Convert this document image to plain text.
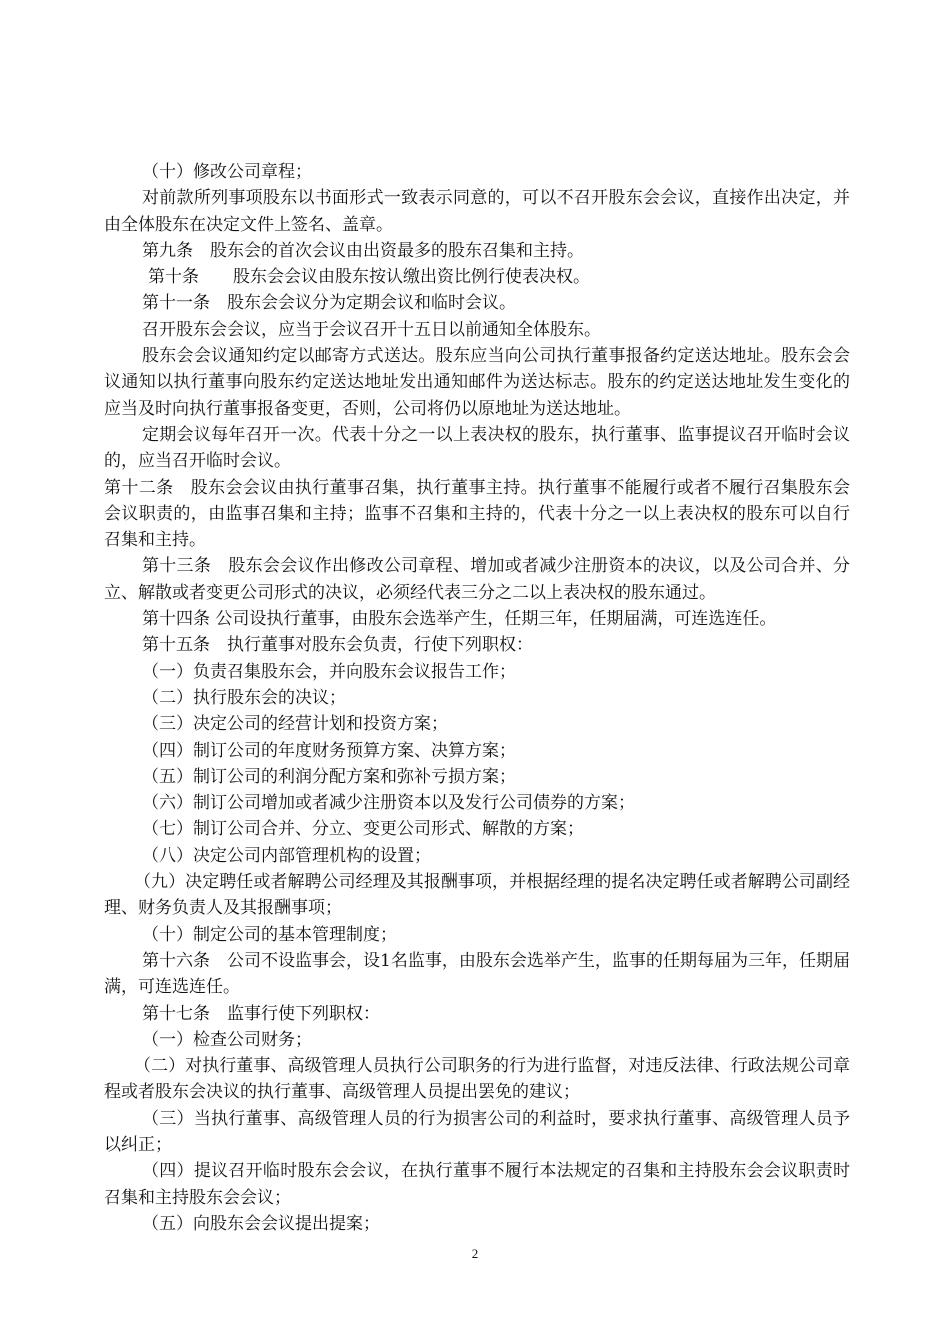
（十）修改公司章程；

对前款所列事项股东以书面形式一致表示同意的，可以不召开股东会会议，直接作出决定，并由全体股东在决定文件上签名、盖章。

第九条　股东会的首次会议由出资最多的股东召集和主持。

第十条　　股东会会议由股东按认缴出资比例行使表决权。

第十一条　股东会会议分为定期会议和临时会议。

召开股东会会议，应当于会议召开十五日以前通知全体股东。

股东会会议通知约定以邮寄方式送达。股东应当向公司执行董事报备约定送达地址。股东会会议通知以执行董事向股东约定送达地址发出通知邮件为送达标志。股东的约定送达地址发生变化的应当及时向执行董事报备变更，否则，公司将仍以原地址为送达地址。

定期会议每年召开一次。代表十分之一以上表决权的股东，执行董事、监事提议召开临时会议的，应当召开临时会议。

第十二条　股东会会议由执行董事召集，执行董事主持。执行董事不能履行或者不履行召集股东会会议职责的，由监事召集和主持；监事不召集和主持的，代表十分之一以上表决权的股东可以自行召集和主持。

第十三条　股东会会议作出修改公司章程、增加或者减少注册资本的决议，以及公司合并、分立、解散或者变更公司形式的决议，必须经代表三分之二以上表决权的股东通过。

第十四条 公司设执行董事，由股东会选举产生，任期三年，任期届满，可连选连任。

第十五条　执行董事对股东会负责，行使下列职权：

（一）负责召集股东会，并向股东会议报告工作；

（二）执行股东会的决议；

（三）决定公司的经营计划和投资方案；

（四）制订公司的年度财务预算方案、决算方案；

（五）制订公司的利润分配方案和弥补亏损方案；

（六）制订公司增加或者减少注册资本以及发行公司债券的方案；

（七）制订公司合并、分立、变更公司形式、解散的方案；

（八）决定公司内部管理机构的设置；

（九）决定聘任或者解聘公司经理及其报酬事项，并根据经理的提名决定聘任或者解聘公司副经理、财务负责人及其报酬事项；

（十）制定公司的基本管理制度；

第十六条　公司不设监事会，设1名监事，由股东会选举产生，监事的任期每届为三年，任期届满，可连选连任。

第十七条　监事行使下列职权：

（一）检查公司财务；

（二）对执行董事、高级管理人员执行公司职务的行为进行监督，对违反法律、行政法规公司章程或者股东会决议的执行董事、高级管理人员提出罢免的建议；

（三）当执行董事、高级管理人员的行为损害公司的利益时，要求执行董事、高级管理人员予以纠正；

（四）提议召开临时股东会会议，在执行董事不履行本法规定的召集和主持股东会会议职责时召集和主持股东会会议；

（五）向股东会会议提出提案；

2
